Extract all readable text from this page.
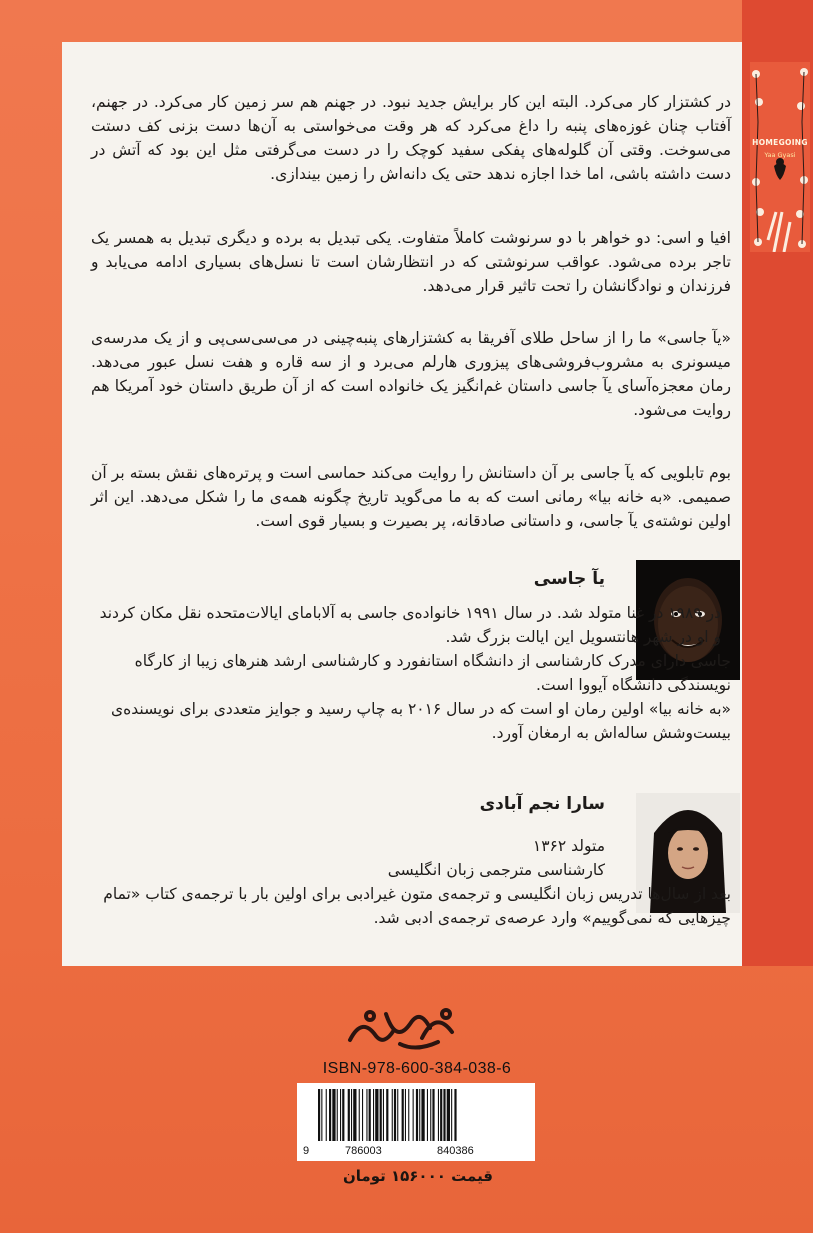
HOMEGOING
Yaa Gyasi

در کشتزار کار می‌کرد. البته این کار برایش جدید نبود. در جهنم هم سر زمین کار می‌کرد. در جهنم، آفتاب چنان غوزه‌های پنبه را داغ می‌کرد که هر وقت می‌خواستی به آن‌ها دست بزنی کف دستت می‌سوخت. وقتی آن گلوله‌های پفکی سفید کوچک را در دست می‌گرفتی مثل این بود که آتش در دست داشته باشی، اما خدا اجازه ندهد حتی یک دانه‌اش را زمین بیندازی.

افیا و اسی: دو خواهر با دو سرنوشت کاملاً متفاوت. یکی تبدیل به برده و دیگری تبدیل به همسر یک تاجر برده می‌شود. عواقب سرنوشتی که در انتظارشان است تا نسل‌های بسیاری ادامه می‌یابد و فرزندان و نوادگانشان را تحت تاثیر قرار می‌دهد.

«یآ جاسی» ما را از ساحل طلای آفریقا به کشتزارهای پنبه‌چینی در می‌سی‌سی‌پی و از یک مدرسه‌ی میسونری به مشروب‌فروشی‌های پیزوری هارلم می‌برد و از سه قاره و هفت نسل عبور می‌دهد. رمان معجزه‌آسای یآ جاسی داستان غم‌انگیز یک خانواده است که از آن طریق داستان خود آمریکا هم روایت می‌شود.

بوم تابلویی که یآ جاسی بر آن داستانش را روایت می‌کند حماسی است و پرتره‌های نقش بسته بر آن صمیمی. «به خانه بیا» رمانی است که به ما می‌گوید تاریخ چگونه همه‌ی ما را شکل می‌دهد. این اثر اولین نوشته‌ی یآ جاسی، و داستانی صادقانه، پر بصیرت و بسیار قوی است.

یآ جاسی

در ۱۹۸۹ در غنا متولد شد. در سال ۱۹۹۱ خانواده‌ی جاسی به آلابامای ایالات‌متحده نقل مکان کردند و او در شهر هانتسویل این ایالت بزرگ شد.

جاسی دارای مدرک کارشناسی از دانشگاه استانفورد و کارشناسی ارشد هنرهای زیبا از کارگاه نویسندگی دانشگاه آیووا است.

«به خانه بیا» اولین رمان او است که در سال ۲۰۱۶ به چاپ رسید و جوایز متعددی برای نویسنده‌ی بیست‌وشش ساله‌اش به ارمغان آورد.

سارا نجم آبادی

متولد ۱۳۶۲

کارشناسی مترجمی زبان انگلیسی

بعد از سال‌ها تدریس زبان انگلیسی و ترجمه‌ی متون غیرادبی برای اولین بار با ترجمه‌ی کتاب «تمام چیزهایی که نمی‌گوییم» وارد عرصه‌ی ترجمه‌ی ادبی شد.

ISBN-978-600-384-038-6
9	786003	840386
قیمت ۱۵۶۰۰۰ تومان
